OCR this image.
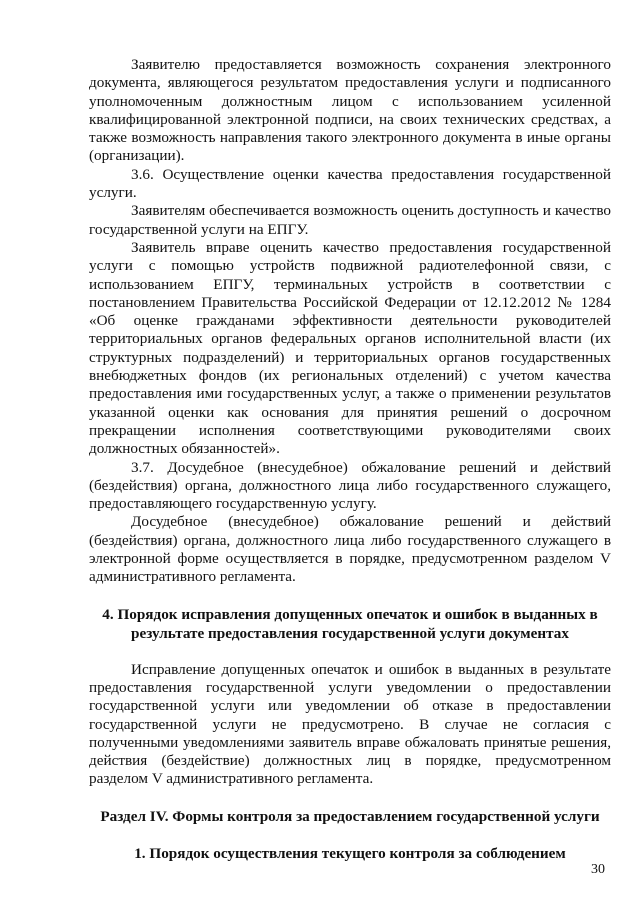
Заявителю предоставляется возможность сохранения электронного документа, являющегося результатом предоставления услуги и подписанного уполномоченным должностным лицом с использованием усиленной квалифицированной электронной подписи, на своих технических средствах, а также возможность направления такого электронного документа в иные органы (организации).

3.6. Осуществление оценки качества предоставления государственной услуги.

Заявителям обеспечивается возможность оценить доступность и качество государственной услуги на ЕПГУ.

Заявитель вправе оценить качество предоставления государственной услуги с помощью устройств подвижной радиотелефонной связи, с использованием ЕПГУ, терминальных устройств в соответствии с постановлением Правительства Российской Федерации от 12.12.2012 № 1284 «Об оценке гражданами эффективности деятельности руководителей территориальных органов федеральных органов исполнительной власти (их структурных подразделений) и территориальных органов государственных внебюджетных фондов (их региональных отделений) с учетом качества предоставления ими государственных услуг, а также о применении результатов указанной оценки как основания для принятия решений о досрочном прекращении исполнения соответствующими руководителями своих должностных обязанностей».

3.7. Досудебное (внесудебное) обжалование решений и действий (бездействия) органа, должностного лица либо государственного служащего, предоставляющего государственную услугу.

Досудебное (внесудебное) обжалование решений и действий (бездействия) органа, должностного лица либо государственного служащего в электронной форме осуществляется в порядке, предусмотренном разделом V административного регламента.

4. Порядок исправления допущенных опечаток и ошибок в выданных в результате предоставления государственной услуги документах

Исправление допущенных опечаток и ошибок в выданных в результате предоставления государственной услуги уведомлении о предоставлении государственной услуги или уведомлении об отказе в предоставлении государственной услуги не предусмотрено. В случае не согласия с полученными уведомлениями заявитель вправе обжаловать принятые решения, действия (бездействие) должностных лиц в порядке, предусмотренном разделом V административного регламента.

Раздел IV. Формы контроля за предоставлением государственной услуги

1. Порядок осуществления текущего контроля за соблюдением

30
